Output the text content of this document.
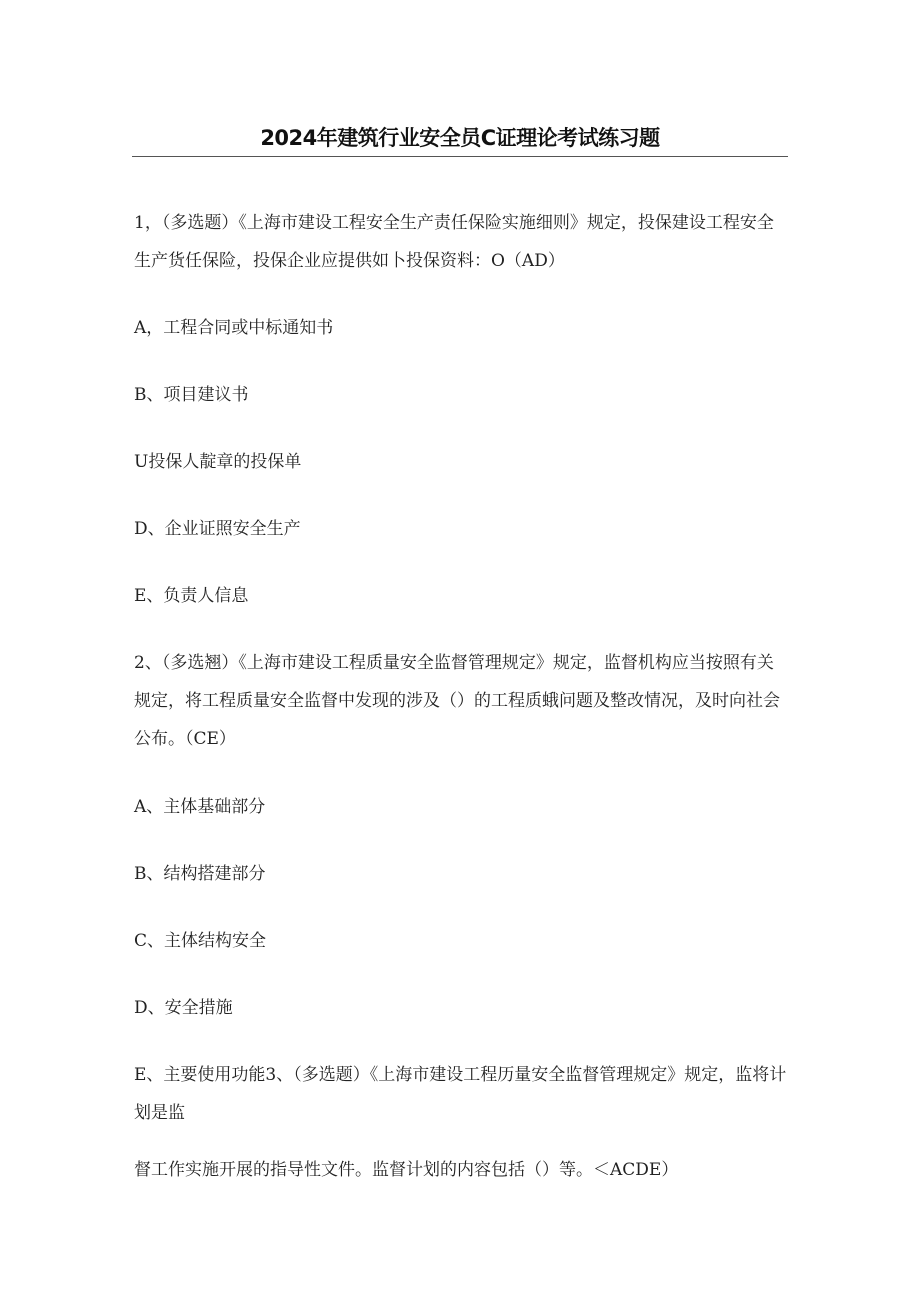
2024年建筑行业安全员C证理论考试练习题

1，（多选题）《上海市建设工程安全生产责任保险实施细则》规定，投保建设工程安全生产货任保险，投保企业应提供如卜投保资料：O（AD）

A，工程合同或中标通知书

B、项目建议书

U投保人靛章的投保单

D、企业证照安全生产

E、负责人信息

2、（多选翘）《上海市建设工程质量安全监督管理规定》规定，监督机构应当按照有关规定，将工程质量安全监督中发现的涉及（）的工程质蛾问题及整改情况，及时向社会公布。（CE）

A、主体基础部分

B、结构搭建部分

C、主体结构安全

D、安全措施

E、主要使用功能3、（多选题）《上海市建设工程历量安全监督管理规定》规定，监将计划是监

督工作实施开展的指导性文件。监督计划的内容包括（）等。＜ACDE）
